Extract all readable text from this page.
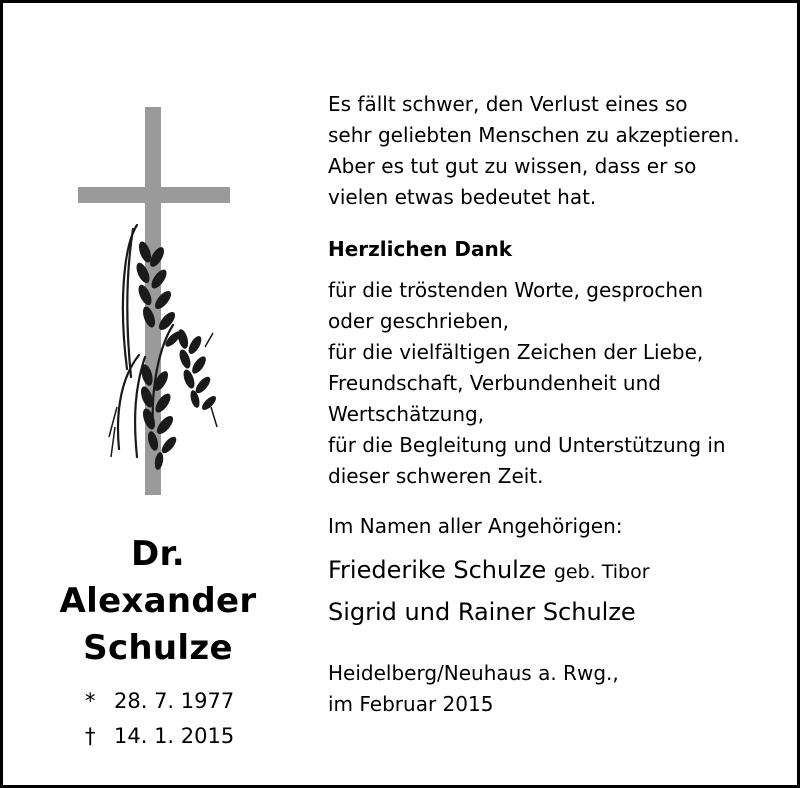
Dr.
Alexander
Schulze
* 28. 7. 1977
† 14. 1. 2015

Es fällt schwer, den Verlust eines so
sehr geliebten Menschen zu akzeptieren.
Aber es tut gut zu wissen, dass er so
vielen etwas bedeutet hat.

Herzlichen Dank

für die tröstenden Worte, gesprochen
oder geschrieben,
für die vielfältigen Zeichen der Liebe,
Freundschaft, Verbundenheit und
Wertschätzung,
für die Begleitung und Unterstützung in
dieser schweren Zeit.

Im Namen aller Angehörigen:

Friederike Schulze geb. Tibor
Sigrid und Rainer Schulze

Heidelberg/Neuhaus a. Rwg.,
im Februar 2015
